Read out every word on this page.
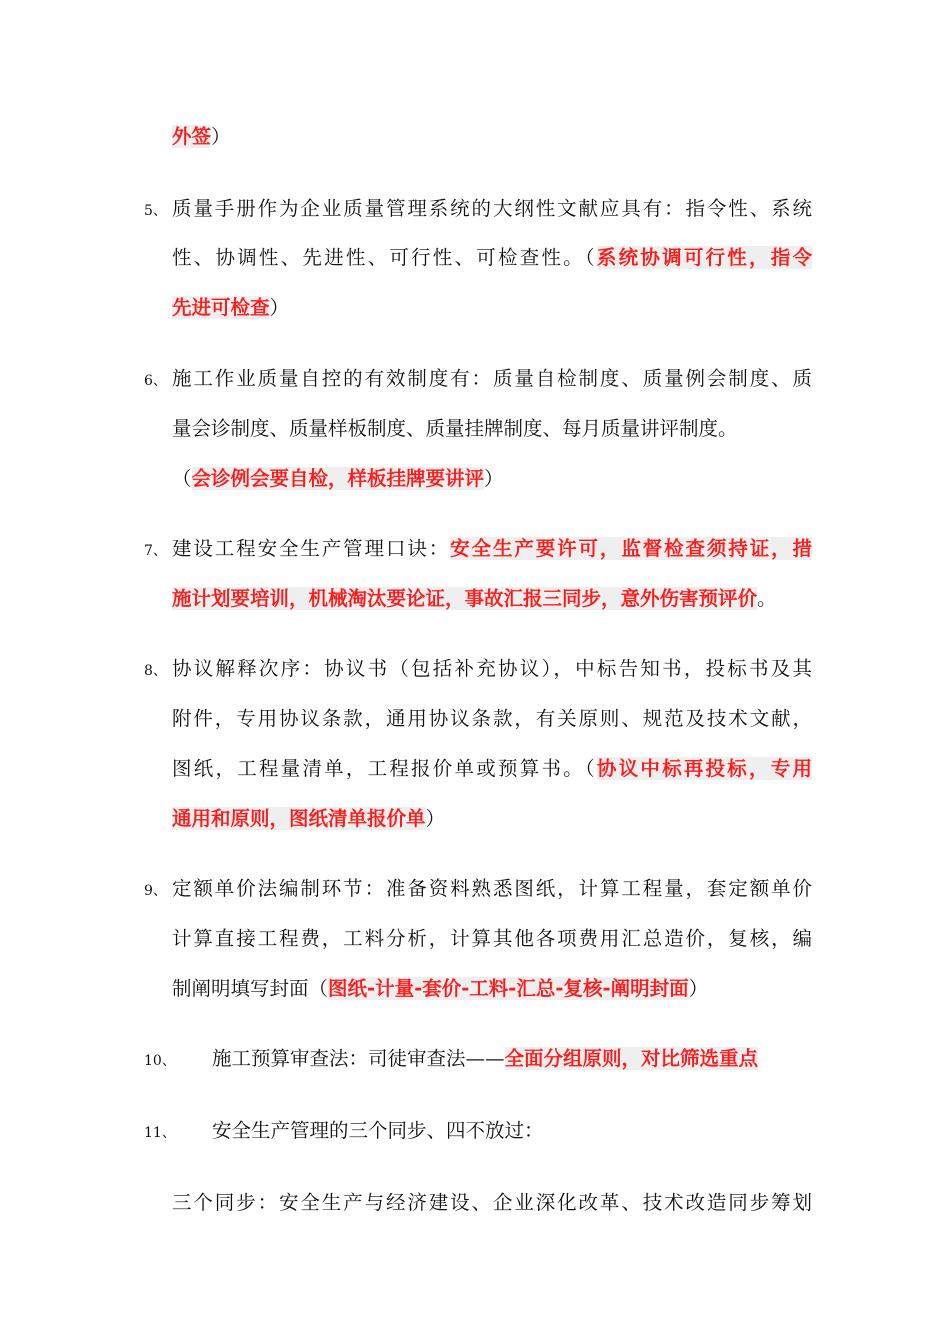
外签）
5、 质量手册作为企业质量管理系统的大纲性文献应具有：指令性、系统
性、协调性、先进性、可行性、可检查性。（系统协调可行性，指令
先进可检查）
6、 施工作业质量自控的有效制度有：质量自检制度、质量例会制度、质
量会诊制度、质量样板制度、质量挂牌制度、每月质量讲评制度。
（会诊例会要自检，样板挂牌要讲评）
7、 建设工程安全生产管理口诀：安全生产要许可，监督检查须持证，措
施计划要培训，机械淘汰要论证，事故汇报三同步，意外伤害预评价。
8、 协议解释次序：协议书（包括补充协议），中标告知书，投标书及其
附件，专用协议条款，通用协议条款，有关原则、规范及技术文献，
图纸，工程量清单，工程报价单或预算书。（协议中标再投标，专用
通用和原则，图纸清单报价单）
9、 定额单价法编制环节：准备资料熟悉图纸，计算工程量，套定额单价
计算直接工程费，工料分析，计算其他各项费用汇总造价，复核，编
制阐明填写封面（图纸-计量-套价-工料-汇总-复核-阐明封面）
10、 施工预算审查法：司徒审查法——全面分组原则，对比筛选重点
11、 安全生产管理的三个同步、四不放过：
三个同步：安全生产与经济建设、企业深化改革、技术改造同步筹划
